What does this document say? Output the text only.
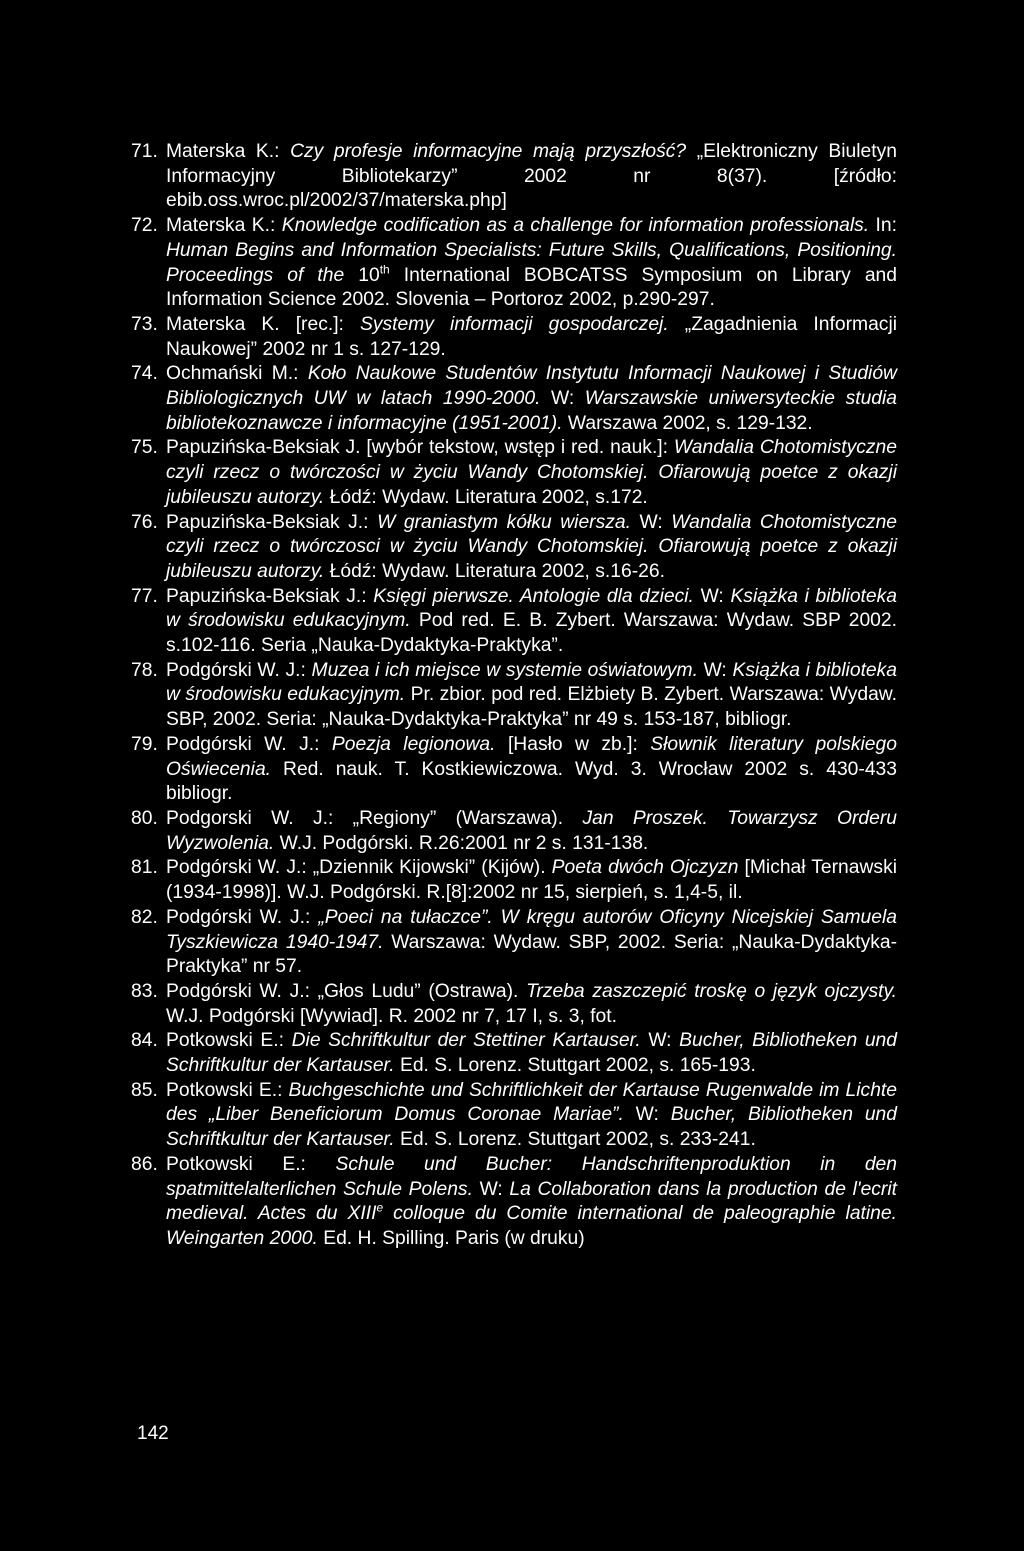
71. Materska K.: Czy profesje informacyjne mają przyszłość? „Elektroniczny Biuletyn Informacyjny Bibliotekarzy” 2002 nr 8(37). [źródło: ebib.oss.wroc.pl/2002/37/materska.php]
72. Materska K.: Knowledge codification as a challenge for information professionals. In: Human Begins and Information Specialists: Future Skills, Qualifications, Positioning. Proceedings of the 10th International BOBCATSS Symposium on Library and Information Science 2002. Slovenia – Portoroz 2002, p.290-297.
73. Materska K. [rec.]: Systemy informacji gospodarczej. „Zagadnienia Informacji Naukowej” 2002 nr 1 s. 127-129.
74. Ochmański M.: Koło Naukowe Studentów Instytutu Informacji Naukowej i Studiów Bibliologicznych UW w latach 1990-2000. W: Warszawskie uniwersyteckie studia bibliotekoznawcze i informacyjne (1951-2001). Warszawa 2002, s. 129-132.
75. Papuzińska-Beksiak J. [wybór tekstow, wstęp i red. nauk.]: Wandalia Chotomistyczne czyli rzecz o twórczości w życiu Wandy Chotomskiej. Ofiarowują poetce z okazji jubileuszu autorzy. Łódź: Wydaw. Literatura 2002, s.172.
76. Papuzińska-Beksiak J.: W graniastym kółku wiersza. W: Wandalia Chotomistyczne czyli rzecz o twórczosci w życiu Wandy Chotomskiej. Ofiarowują poetce z okazji jubileuszu autorzy. Łódź: Wydaw. Literatura 2002, s.16-26.
77. Papuzińska-Beksiak J.: Księgi pierwsze. Antologie dla dzieci. W: Książka i biblioteka w środowisku edukacyjnym. Pod red. E. B. Zybert. Warszawa: Wydaw. SBP 2002. s.102-116. Seria „Nauka-Dydaktyka-Praktyka”.
78. Podgórski W. J.: Muzea i ich miejsce w systemie oświatowym. W: Książka i biblioteka w środowisku edukacyjnym. Pr. zbior. pod red. Elżbiety B. Zybert. Warszawa: Wydaw. SBP, 2002. Seria: „Nauka-Dydaktyka-Praktyka” nr 49 s. 153-187, bibliogr.
79. Podgórski W. J.: Poezja legionowa. [Hasło w zb.]: Słownik literatury polskiego Oświecenia. Red. nauk. T. Kostkiewiczowa. Wyd. 3. Wrocław 2002 s. 430-433 bibliogr.
80. Podgorski W. J.: „Regiony” (Warszawa). Jan Proszek. Towarzysz Orderu Wyzwolenia. W.J. Podgórski. R.26:2001 nr 2 s. 131-138.
81. Podgórski W. J.: „Dziennik Kijowski” (Kijów). Poeta dwóch Ojczyzn [Michał Ternawski (1934-1998)]. W.J. Podgórski. R.[8]:2002 nr 15, sierpień, s. 1,4-5, il.
82. Podgórski W. J.: „Poeci na tułaczce”. W kręgu autorów Oficyny Nicejskiej Samuela Tyszkiewicza 1940-1947. Warszawa: Wydaw. SBP, 2002. Seria: „Nauka-Dydaktyka-Praktyka” nr 57.
83. Podgórski W. J.: „Głos Ludu” (Ostrawa). Trzeba zaszczepić troskę o język ojczysty. W.J. Podgórski [Wywiad]. R. 2002 nr 7, 17 I, s. 3, fot.
84. Potkowski E.: Die Schriftkultur der Stettiner Kartauser. W: Bucher, Bibliotheken und Schriftkultur der Kartauser. Ed. S. Lorenz. Stuttgart 2002, s. 165-193.
85. Potkowski E.: Buchgeschichte und Schriftlichkeit der Kartause Rugenwalde im Lichte des „Liber Beneficiorum Domus Coronae Mariae”. W: Bucher, Bibliotheken und Schriftkultur der Kartauser. Ed. S. Lorenz. Stuttgart 2002, s. 233-241.
86. Potkowski E.: Schule und Bucher: Handschriftenproduktion in den spatmittelalterlichen Schule Polens. W: La Collaboration dans la production de l'ecrit medieval. Actes du XIIIe colloque du Comite international de paleographie latine. Weingarten 2000. Ed. H. Spilling. Paris (w druku)
142
